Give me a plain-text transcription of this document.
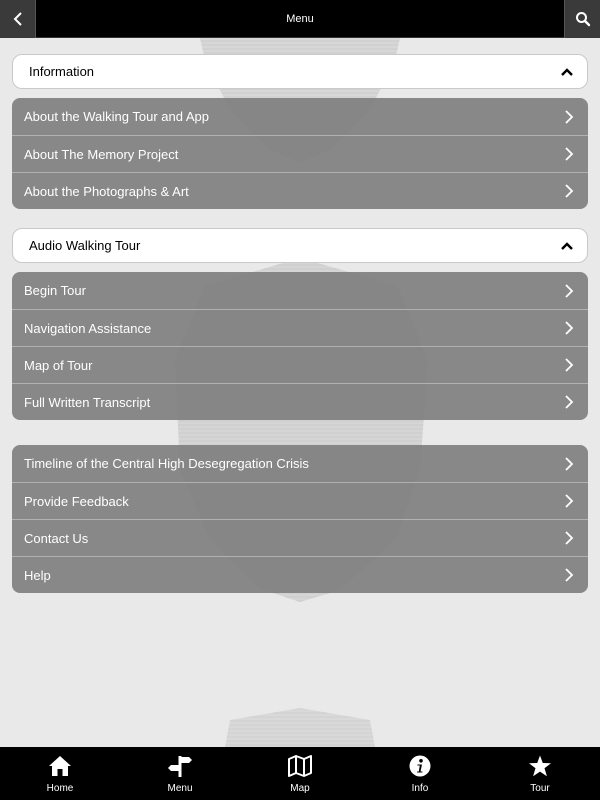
Menu
Information
About the Walking Tour and App
About The Memory Project
About the Photographs & Art
Audio Walking Tour
Begin Tour
Navigation Assistance
Map of Tour
Full Written Transcript
Timeline of the Central High Desegregation Crisis
Provide Feedback
Contact Us
Help
Home	Menu	Map	Info	Tour
